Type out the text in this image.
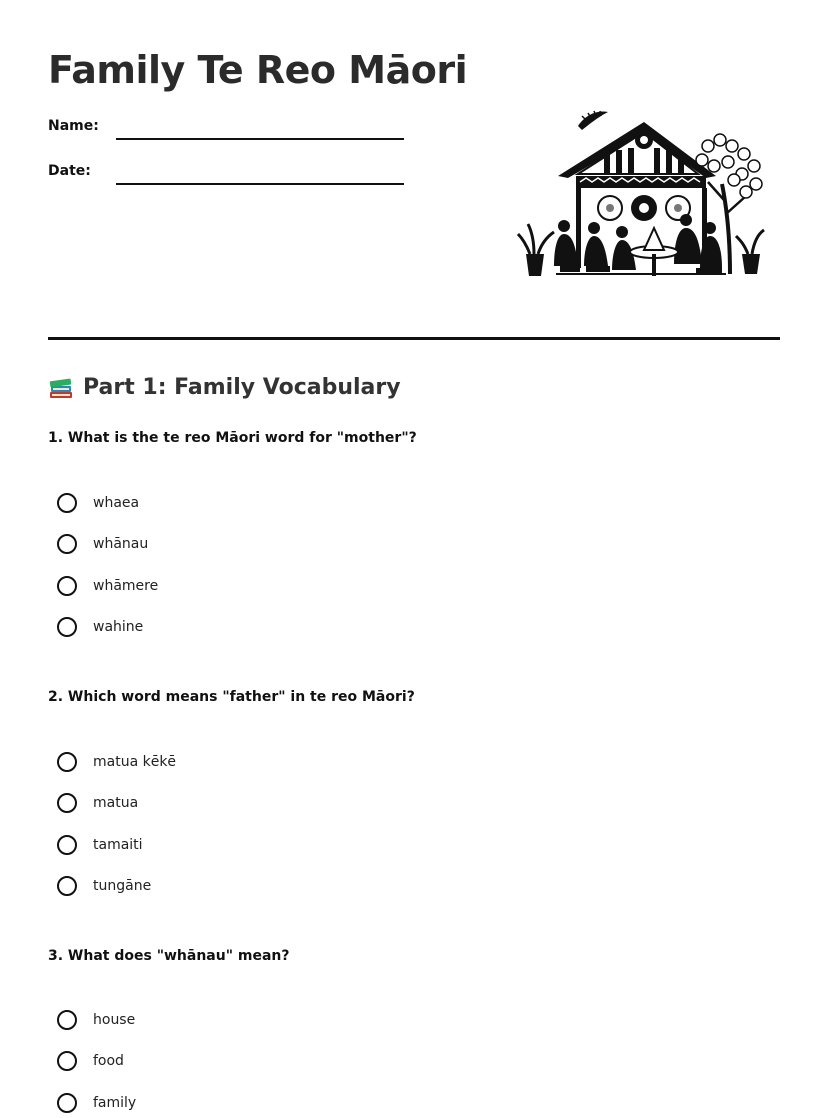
Family Te Reo Māori
Name:
Date:
Part 1: Family Vocabulary

1. What is the te reo Māori word for "mother"?

whaea
whānau
whāmere
wahine

2. Which word means "father" in te reo Māori?

matua kēkē
matua
tamaiti
tungāne

3. What does "whānau" mean?

house
food
family
